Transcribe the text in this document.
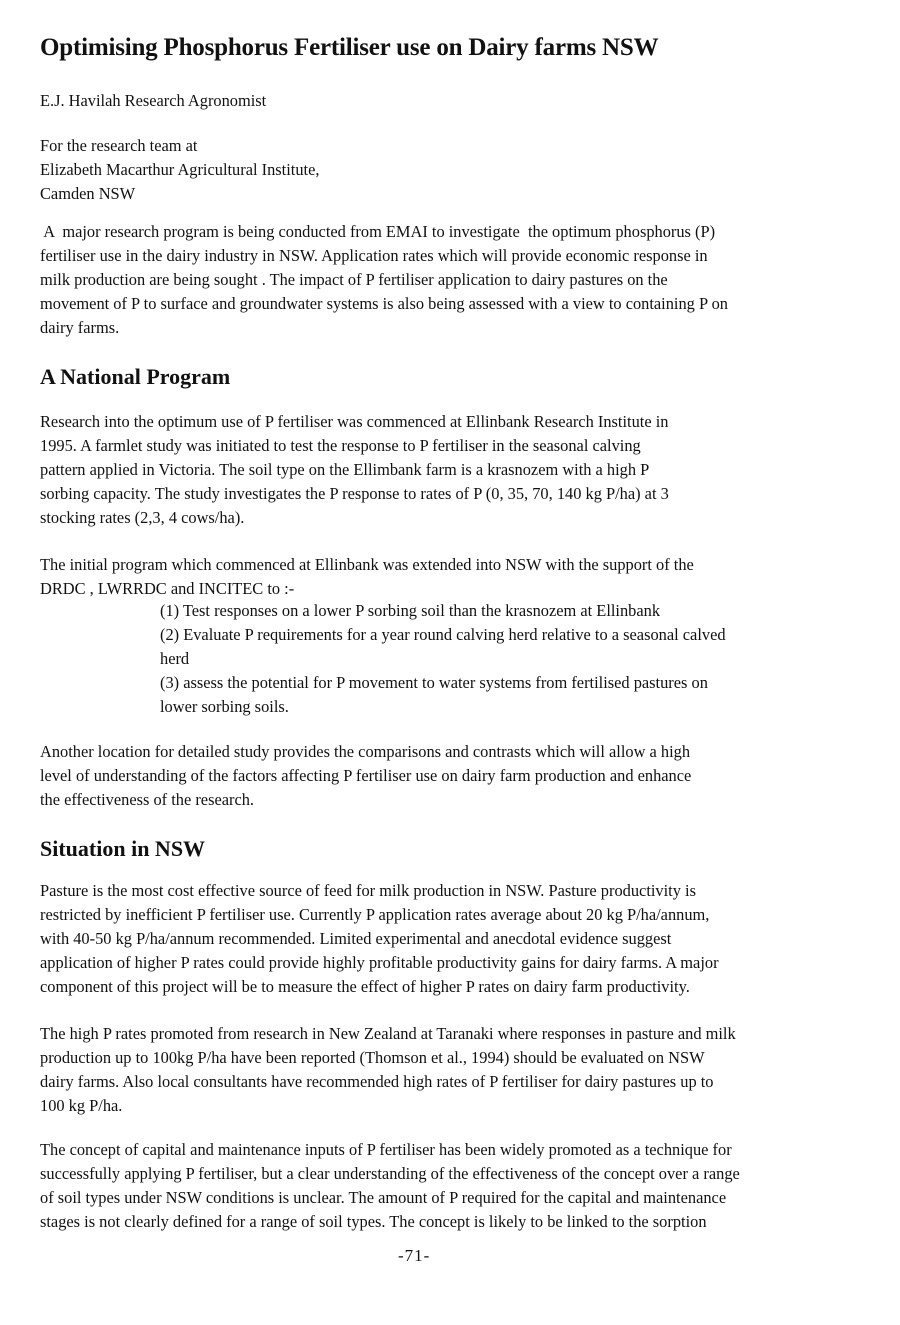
Optimising Phosphorus Fertiliser use on Dairy farms NSW
E.J. Havilah Research Agronomist
For the research team at
Elizabeth Macarthur Agricultural Institute,
Camden NSW
A  major research program is being conducted from EMAI to investigate  the optimum phosphorus (P)
fertiliser use in the dairy industry in NSW. Application rates which will provide economic response in
milk production are being sought . The impact of P fertiliser application to dairy pastures on the
movement of P to surface and groundwater systems is also being assessed with a view to containing P on
dairy farms.
A National Program
Research into the optimum use of P fertiliser was commenced at Ellinbank Research Institute in
1995. A farmlet study was initiated to test the response to P fertiliser in the seasonal calving
pattern applied in Victoria. The soil type on the Ellimbank farm is a krasnozem with a high P
sorbing capacity. The study investigates the P response to rates of P (0, 35, 70, 140 kg P/ha) at 3
stocking rates (2,3, 4 cows/ha).
The initial program which commenced at Ellinbank was extended into NSW with the support of the
DRDC , LWRRDC and INCITEC to :-
(1) Test responses on a lower P sorbing soil than the krasnozem at Ellinbank
(2) Evaluate P requirements for a year round calving herd relative to a seasonal calved
herd
(3) assess the potential for P movement to water systems from fertilised pastures on
lower sorbing soils.
Another location for detailed study provides the comparisons and contrasts which will allow a high
level of understanding of the factors affecting P fertiliser use on dairy farm production and enhance
the effectiveness of the research.
Situation in NSW
Pasture is the most cost effective source of feed for milk production in NSW. Pasture productivity is
restricted by inefficient P fertiliser use. Currently P application rates average about 20 kg P/ha/annum,
with 40-50 kg P/ha/annum recommended. Limited experimental and anecdotal evidence suggest
application of higher P rates could provide highly profitable productivity gains for dairy farms. A major
component of this project will be to measure the effect of higher P rates on dairy farm productivity.
The high P rates promoted from research in New Zealand at Taranaki where responses in pasture and milk
production up to 100kg P/ha have been reported (Thomson et al., 1994) should be evaluated on NSW
dairy farms. Also local consultants have recommended high rates of P fertiliser for dairy pastures up to
100 kg P/ha.
The concept of capital and maintenance inputs of P fertiliser has been widely promoted as a technique for
successfully applying P fertiliser, but a clear understanding of the effectiveness of the concept over a range
of soil types under NSW conditions is unclear. The amount of P required for the capital and maintenance
stages is not clearly defined for a range of soil types. The concept is likely to be linked to the sorption
-71-
